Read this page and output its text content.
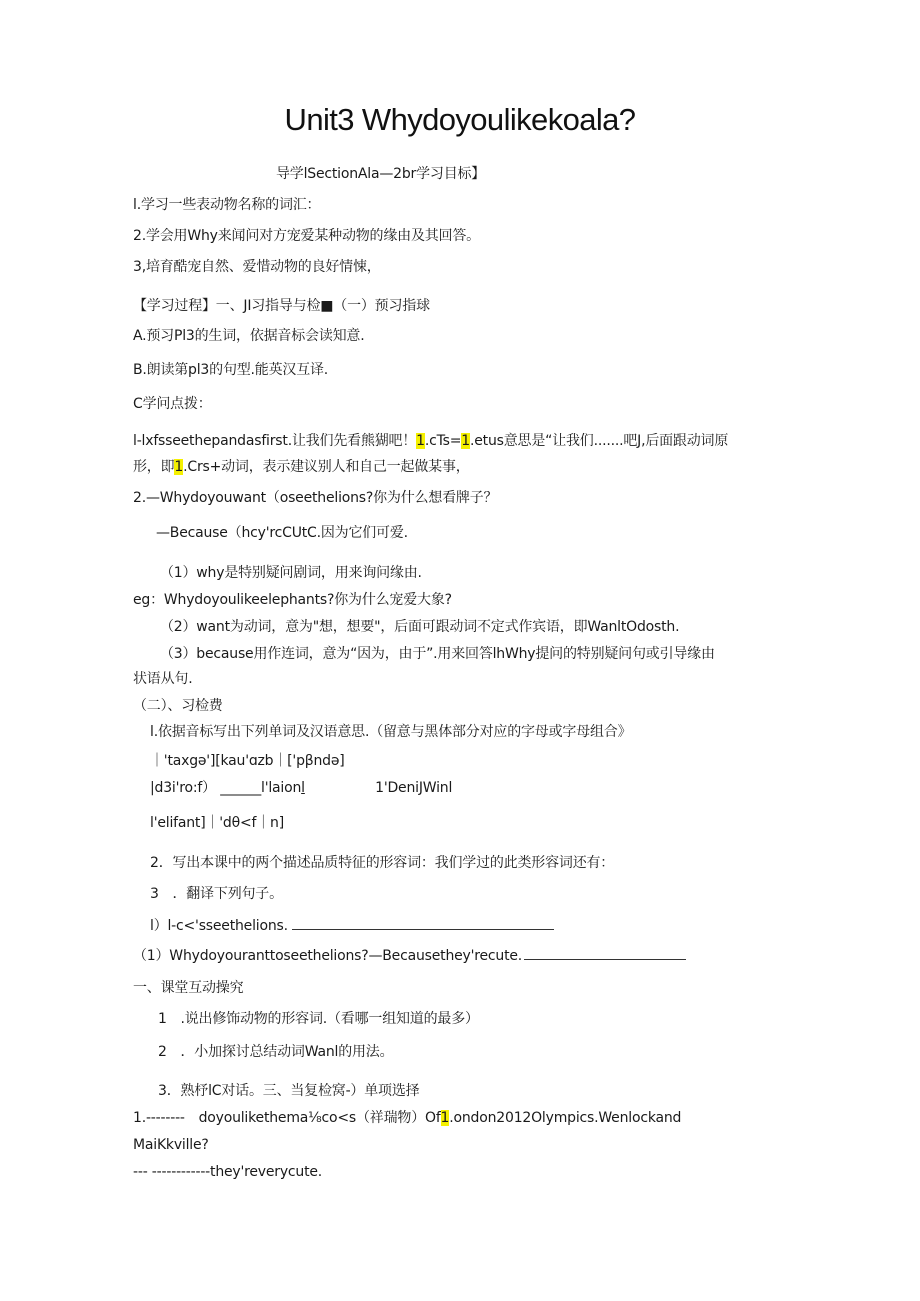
Unit3 Whydoyoulikekoala?
导学lSectionAla—2br学习目标】
l.学习一些表动物名称的词汇：
2.学会用Why来闻问对方宠爱某种动物的缘由及其回答。
3,培育酷宠自然、爱惜动物的良好情悚，
【学习过程】一、JI习指导与检■（一）预习指球
A.预习Pl3的生词，依据音标会读知意.
B.朗读第pl3的句型.能英汉互译.
C学问点拨：
l-lxfsseethepandasfirst.让我们先看熊猢吧！1.cTs=1.etus意思是“让我们.......吧J,后面跟动词原
形，即1.Crs+动词，表示建议别人和自己一起做某事，
2.—Whydoyouwant（oseethelions?你为什么想看牌子？
—Because（hcy'rcCUtC.因为它们可爱.
（1）why是特别疑问剧词，用来询问缘由.
eg：Whydoyoulikeelephants?你为什么宠爱大象?
（2）want为动词，意为"想，想要"，后面可跟动词不定式作宾语，即WanltOdosth.
（3）because用作连词，意为“因为，由于”.用来回答lhWhy提问的特别疑问句或引导缘由
状语从句.
（二）、习检费
l.依据音标写出下列单词及汉语意思.（留意与黑体部分对应的字母或字母组合》
｜'taxgə'][kau'ɑzb｜['pβndə]
|d3i'ro:f） ______l'laionl	1'DeniJWinl
l'elifant]｜'dθ<f｜n]
2．写出本课中的两个描述品质特征的形容词：我们学过的此类形容词还有：
3　．翻译下列句子。
l）l-c<'sseethelions.
（1）Whydoyouranttoseethelions?—Becausethey'recute.
一、课堂互动操究
1　.说出修饰动物的形容词.（看哪一组知道的最多）
2　．小加探讨总结动词Wanl的用法。
3．熟杼lC对话。三、当复检窝-）单项选择
1.--------　doyoulikethema⅛co<s（祥瑞物）Of1.ondon2012Olympics.Wenlockand
MaiKkville?
--- ------------they'reverycute.
